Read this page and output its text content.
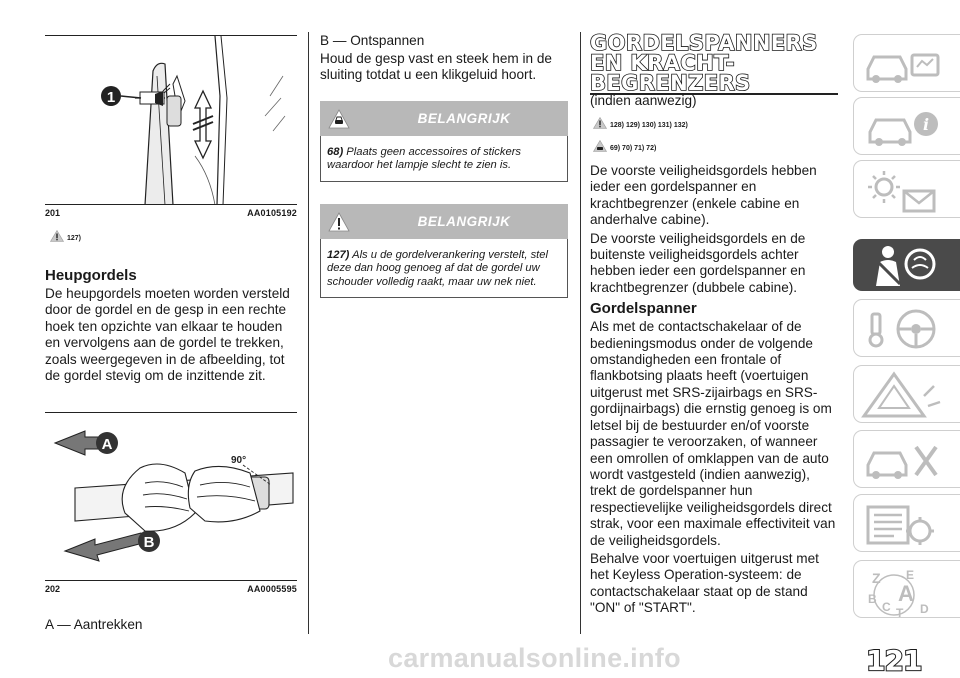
1
201	AA0105192
127)
Heupgordels

De heupgordels moeten worden versteld door de gordel en de gesp in een rechte hoek ten opzichte van elkaar te houden en vervolgens aan de gordel te trekken, zoals weergegeven in de afbeelding, tot de gordel stevig om de inzittende zit.

A
B
90°
202	AA0005595

A — Aantrekken

B — Ontspannen

Houd de gesp vast en steek hem in de sluiting totdat u een klikgeluid hoort.

BELANGRIJK
68) Plaats geen accessoires of stickers waardoor het lampje slecht te zien is.
BELANGRIJK
127) Als u de gordelverankering verstelt, stel deze dan hoog genoeg af dat de gordel uw schouder volledig raakt, maar uw nek niet.
GORDELSPANNERS
EN KRACHT-
BEGRENZERS

(indien aanwezig)

128) 129) 130) 131) 132)
69) 70) 71) 72)

De voorste veiligheidsgordels hebben ieder een gordelspanner en krachtbegrenzer (enkele cabine en anderhalve cabine).

De voorste veiligheidsgordels en de buitenste veiligheidsgordels achter hebben ieder een gordelspanner en krachtbegrenzer (dubbele cabine).

Gordelspanner

Als met de contactschakelaar of de bedieningsmodus onder de volgende omstandigheden een frontale of flankbotsing plaats heeft (voertuigen uitgerust met SRS-zijairbags en SRS-gordijnairbags) die ernstig genoeg is om letsel bij de bestuurder en/of voorste passagier te veroorzaken, of wanneer een omrollen of omklappen van de auto wordt vastgesteld (indien aanwezig), trekt de gordelspanner hun respectievelijke veiligheidsgordels direct strak, voor een maximale effectiviteit van de veiligheidsgordels.

Behalve voor voertuigen uitgerust met het Keyless Operation-systeem: de contactschakelaar staat op de stand "ON" of "START".

i
Z E
B A
C T D
carmanualsonline.info	121
